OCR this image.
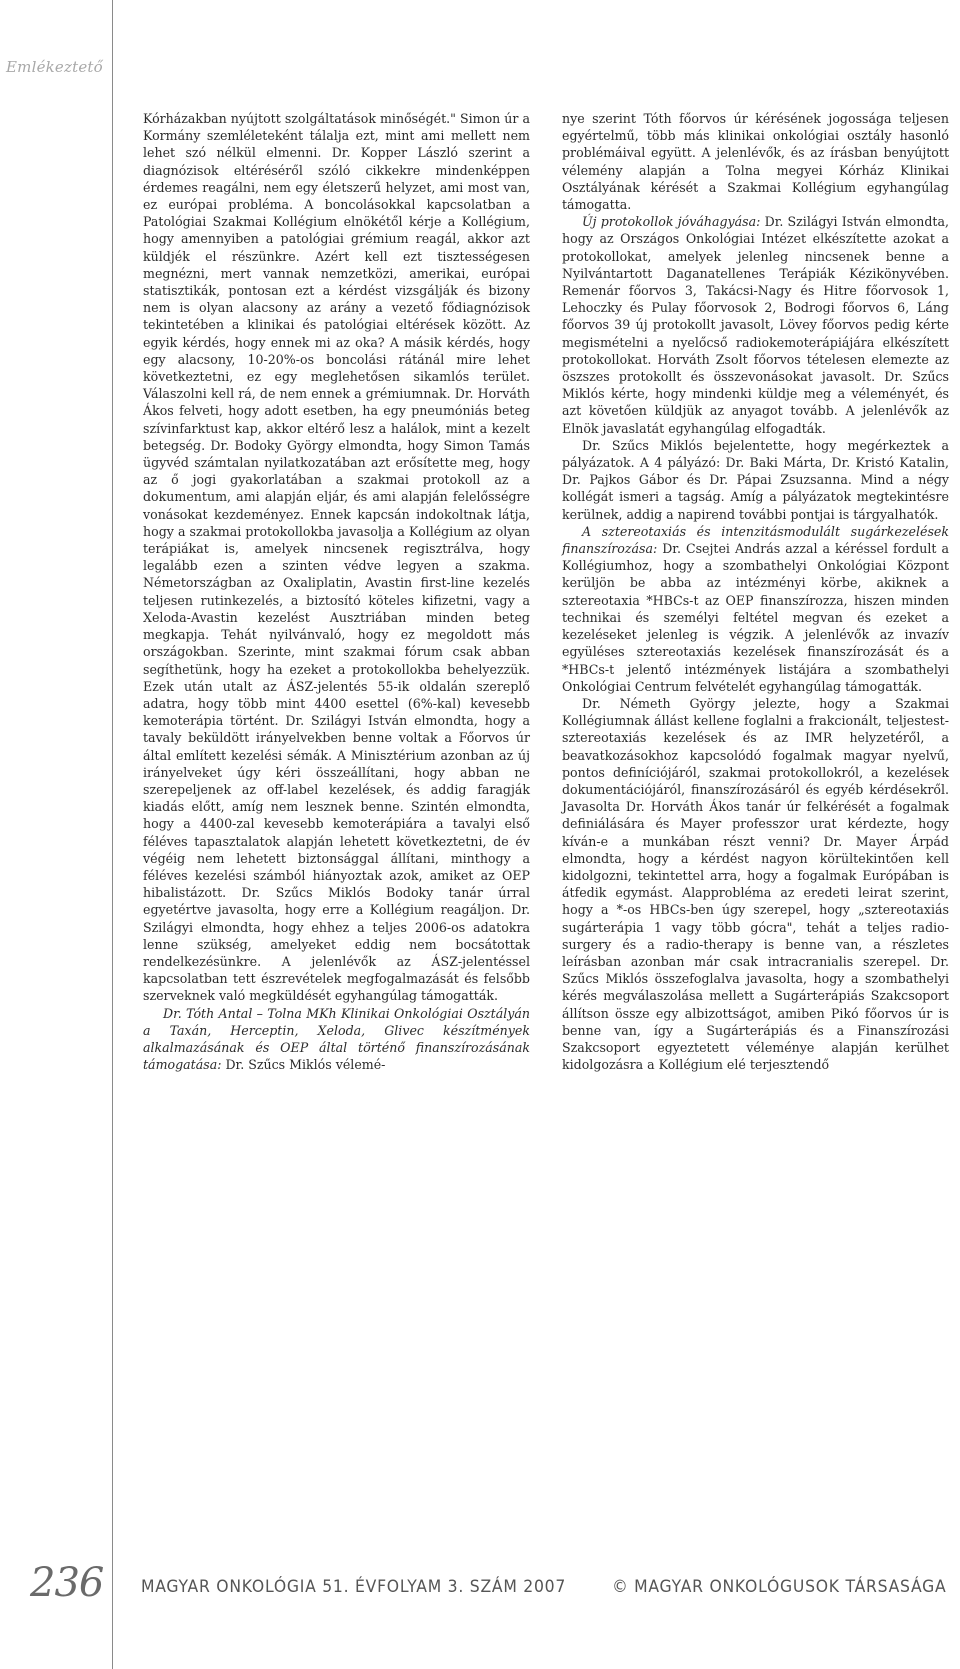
Emlékeztető

Kórházakban nyújtott szolgáltatások minőségét." Simon úr a Kormány szemléleteként tálalja ezt, mint ami mellett nem lehet szó nélkül elmenni. Dr. Kopper László szerint a diagnózisok eltéréséről szóló cikkekre mindenképpen érdemes reagálni, nem egy életszerű helyzet, ami most van, ez európai probléma. A boncolásokkal kapcsolatban a Patológiai Szakmai Kollégium elnökétől kérje a Kollégium, hogy amennyiben a patológiai grémium reagál, akkor azt küldjék el részünkre. Azért kell ezt tisztességesen megnézni, mert vannak nemzetközi, amerikai, európai statisztikák, pontosan ezt a kérdést vizsgálják és bizony nem is olyan alacsony az arány a vezető fődiagnózisok tekintetében a klinikai és patológiai eltérések között. Az egyik kérdés, hogy ennek mi az oka? A másik kérdés, hogy egy alacsony, 10-20%-os boncolási rátánál mire lehet következtetni, ez egy meglehetősen sikamlós terület. Válaszolni kell rá, de nem ennek a grémiumnak. Dr. Horváth Ákos felveti, hogy adott esetben, ha egy pneumóniás beteg szívinfarktust kap, akkor eltérő lesz a halálok, mint a kezelt betegség. Dr. Bodoky György elmondta, hogy Simon Tamás ügyvéd számtalan nyilatkozatában azt erősítette meg, hogy az ő jogi gyakorlatában a szakmai protokoll az a dokumentum, ami alapján eljár, és ami alapján felelősségre vonásokat kezdeményez. Ennek kapcsán indokoltnak látja, hogy a szakmai protokollokba javasolja a Kollégium az olyan terápiákat is, amelyek nincsenek regisztrálva, hogy legalább ezen a szinten védve legyen a szakma. Németországban az Oxaliplatin, Avastin first-line kezelés teljesen rutinkezelés, a biztosító köteles kifizetni, vagy a Xeloda-Avastin kezelést Ausztriában minden beteg megkapja. Tehát nyilvánvaló, hogy ez megoldott más országokban. Szerinte, mint szakmai fórum csak abban segíthetünk, hogy ha ezeket a protokollokba behelyezzük. Ezek után utalt az ÁSZ-jelentés 55-ik oldalán szereplő adatra, hogy több mint 4400 esettel (6%-kal) kevesebb kemoterápia történt. Dr. Szilágyi István elmondta, hogy a tavaly beküldött irányelvekben benne voltak a Főorvos úr által említett kezelési sémák. A Minisztérium azonban az új irányelveket úgy kéri összeállítani, hogy abban ne szerepeljenek az off-label kezelések, és addig faragják kiadás előtt, amíg nem lesznek benne. Szintén elmondta, hogy a 4400-zal kevesebb kemoterápiára a tavalyi első féléves tapasztalatok alapján lehetett következtetni, de év végéig nem lehetett biztonsággal állítani, minthogy a féléves kezelési számból hiányoztak azok, amiket az OEP hibalistázott. Dr. Szűcs Miklós Bodoky tanár úrral egyetértve javasolta, hogy erre a Kollégium reagáljon. Dr. Szilágyi elmondta, hogy ehhez a teljes 2006-os adatokra lenne szükség, amelyeket eddig nem bocsátottak rendelkezésünkre. A jelenlévők az ÁSZ-jelentéssel kapcsolatban tett észrevételek megfogalmazását és felsőbb szerveknek való megküldését egyhangúlag támogatták.

Dr. Tóth Antal – Tolna MKh Klinikai Onkológiai Osztályán a Taxán, Herceptin, Xeloda, Glivec készítmények alkalmazásának és OEP által történő finanszírozásának támogatása: Dr. Szűcs Miklós vélemé-

nye szerint Tóth főorvos úr kérésének jogossága teljesen egyértelmű, több más klinikai onkológiai osztály hasonló problémáival együtt. A jelenlévők, és az írásban benyújtott vélemény alapján a Tolna megyei Kórház Klinikai Osztályának kérését a Szakmai Kollégium egyhangúlag támogatta.

Új protokollok jóváhagyása: Dr. Szilágyi István elmondta, hogy az Országos Onkológiai Intézet elkészítette azokat a protokollokat, amelyek jelenleg nincsenek benne a Nyilvántartott Daganatellenes Terápiák Kézikönyvében. Remenár főorvos 3, Takácsi-Nagy és Hitre főorvosok 1, Lehoczky és Pulay főorvosok 2, Bodrogi főorvos 6, Láng főorvos 39 új protokollt javasolt, Lövey főorvos pedig kérte megismételni a nyelőcső radiokemoterápiájára elkészített protokollokat. Horváth Zsolt főorvos tételesen elemezte az öszszes protokollt és összevonásokat javasolt. Dr. Szűcs Miklós kérte, hogy mindenki küldje meg a véleményét, és azt követően küldjük az anyagot tovább. A jelenlévők az Elnök javaslatát egyhangúlag elfogadták.

Dr. Szűcs Miklós bejelentette, hogy megérkeztek a pályázatok. A 4 pályázó: Dr. Baki Márta, Dr. Kristó Katalin, Dr. Pajkos Gábor és Dr. Pápai Zsuzsanna. Mind a négy kollégát ismeri a tagság. Amíg a pályázatok megtekintésre kerülnek, addig a napirend további pontjai is tárgyalhatók.

A sztereotaxiás és intenzitásmodulált sugárkezelések finanszírozása: Dr. Csejtei András azzal a kéréssel fordult a Kollégiumhoz, hogy a szombathelyi Onkológiai Központ kerüljön be abba az intézményi körbe, akiknek a sztereotaxia *HBCs-t az OEP finanszírozza, hiszen minden technikai és személyi feltétel megvan és ezeket a kezeléseket jelenleg is végzik. A jelenlévők az invazív együléses sztereotaxiás kezelések finanszírozását és a *HBCs-t jelentő intézmények listájára a szombathelyi Onkológiai Centrum felvételét egyhangúlag támogatták.

Dr. Németh György jelezte, hogy a Szakmai Kollégiumnak állást kellene foglalni a frakcionált, teljestest-sztereotaxiás kezelések és az IMR helyzetéről, a beavatkozásokhoz kapcsolódó fogalmak magyar nyelvű, pontos definíciójáról, szakmai protokollokról, a kezelések dokumentációjáról, finanszírozásáról és egyéb kérdésekről. Javasolta Dr. Horváth Ákos tanár úr felkérését a fogalmak definiálására és Mayer professzor urat kérdezte, hogy kíván-e a munkában részt venni? Dr. Mayer Árpád elmondta, hogy a kérdést nagyon körültekintően kell kidolgozni, tekintettel arra, hogy a fogalmak Európában is átfedik egymást. Alapprobléma az eredeti leirat szerint, hogy a *-os HBCs-ben úgy szerepel, hogy „sztereotaxiás sugárterápia 1 vagy több gócra", tehát a teljes radio-surgery és a radio-therapy is benne van, a részletes leírásban azonban már csak intracranialis szerepel. Dr. Szűcs Miklós összefoglalva javasolta, hogy a szombathelyi kérés megválaszolása mellett a Sugárterápiás Szakcsoport állítson össze egy albizottságot, amiben Pikó főorvos úr is benne van, így a Sugárterápiás és a Finanszírozási Szakcsoport egyeztetett véleménye alapján kerülhet kidolgozásra a Kollégium elé terjesztendő

236 MAGYAR ONKOLÓGIA 51. ÉVFOLYAM 3. SZÁM 2007	© MAGYAR ONKOLÓGUSOK TÁRSASÁGA
